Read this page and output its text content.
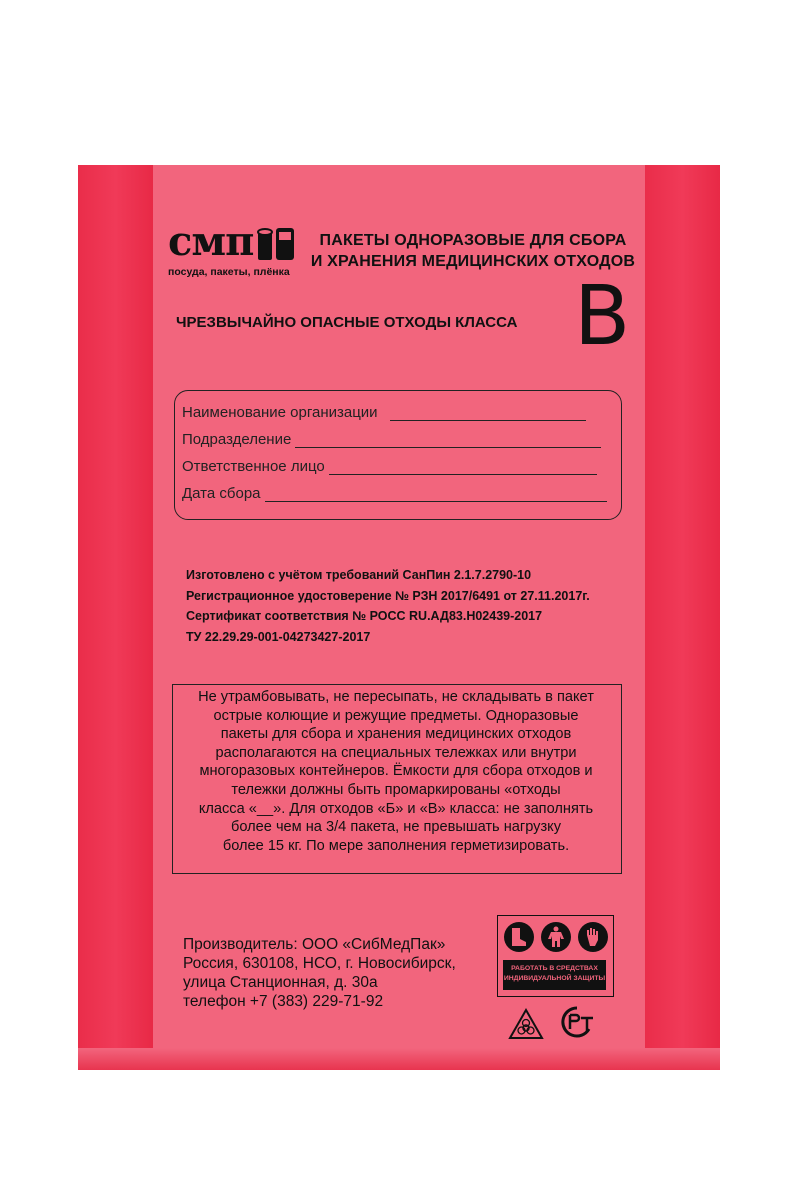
смп
посуда, пакеты, плёнка
ПАКЕТЫ ОДНОРАЗОВЫЕ ДЛЯ СБОРА
И ХРАНЕНИЯ МЕДИЦИНСКИХ ОТХОДОВ
ЧРЕЗВЫЧАЙНО ОПАСНЫЕ ОТХОДЫ КЛАССА В
Наименование организации
Подразделение
Ответственное лицо
Дата сбора
Изготовлено с учётом требований СанПин 2.1.7.2790-10
Регистрационное удостоверение № РЗН 2017/6491 от 27.11.2017г.
Сертификат соответствия № РОСС RU.АД83.Н02439-2017
ТУ 22.29.29-001-04273427-2017
Не утрамбовывать, не пересыпать, не складывать в пакет
острые колющие и режущие предметы. Одноразовые
пакеты для сбора и хранения медицинских отходов
располагаются на специальных тележках или внутри
многоразовых контейнеров. Ёмкости для сбора отходов и
тележки должны быть промаркированы «отходы
класса «__». Для отходов «Б» и «В» класса: не заполнять
более чем на 3/4 пакета, не превышать нагрузку
более 15 кг. По мере заполнения герметизировать.
Производитель: ООО «СибМедПак»
Россия, 630108, НСО, г. Новосибирск,
улица Станционная, д. 30а
телефон +7 (383) 229-71-92
РАБОТАТЬ В СРЕДСТВАХ
ИНДИВИДУАЛЬНОЙ ЗАЩИТЫ
